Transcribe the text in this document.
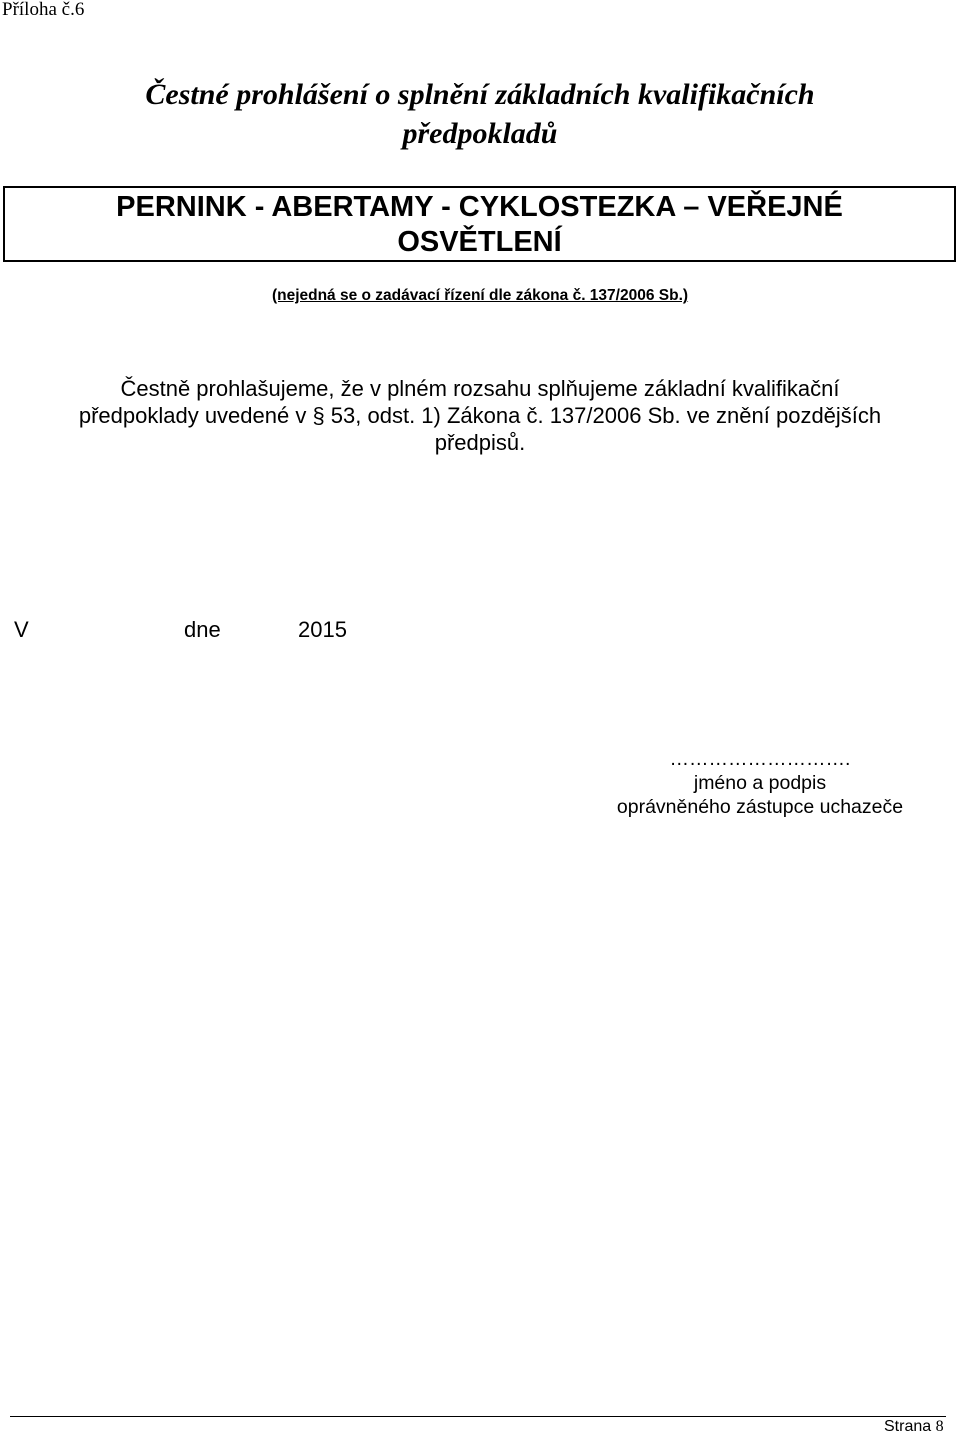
Příloha č.6
Čestné prohlášení o splnění základních kvalifikačních
předpokladů
PERNINK - ABERTAMY - CYKLOSTEZKA – VEŘEJNÉ
OSVĚTLENÍ
(nejedná se o zadávací řízení dle zákona č. 137/2006 Sb.)
Čestně prohlašujeme, že v plném rozsahu splňujeme základní kvalifikační
předpoklady uvedené v § 53, odst. 1) Zákona č. 137/2006 Sb. ve znění pozdějších
předpisů.
V	dne	2015
……………………….
jméno a podpis
oprávněného zástupce uchazeče
Strana 8
